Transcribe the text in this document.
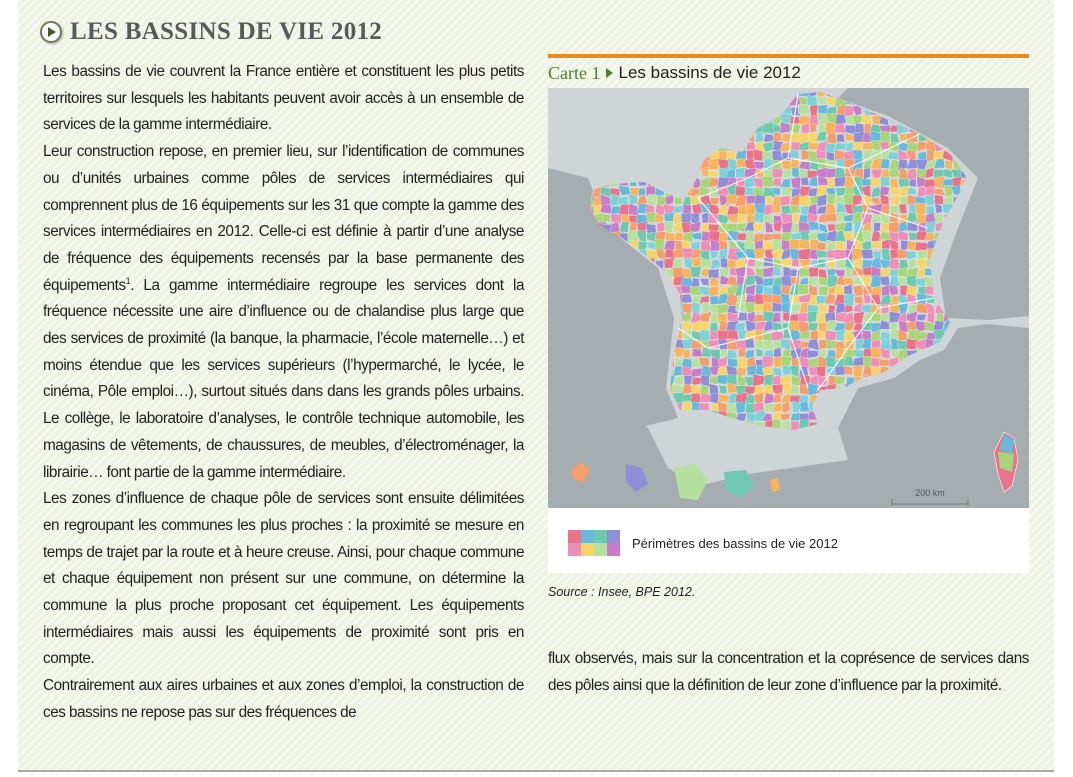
LES BASSINS DE VIE 2012

Les bassins de vie couvrent la France entière et constituent les plus petits territoires sur lesquels les habitants peuvent avoir accès à un ensemble de services de la gamme intermédiaire.

Leur construction repose, en premier lieu, sur l’identification de communes ou d’unités urbaines comme pôles de services intermédiaires qui comprennent plus de 16 équipements sur les 31 que compte la gamme des services intermédiaires en 2012. Celle-ci est définie à partir d’une analyse de fréquence des équipements recensés par la base permanente des équipements$^1$. La gamme intermédiaire regroupe les services dont la fréquence nécessite une aire d’influence ou de chalandise plus large que des services de proximité (la banque, la pharmacie, l’école maternelle…) et moins étendue que les services supérieurs (l’hypermarché, le lycée, le cinéma, Pôle emploi…), surtout situés dans dans les grands pôles urbains. Le collège, le laboratoire d’analyses, le contrôle technique automobile, les magasins de vêtements, de chaussures, de meubles, d’électroménager, la librairie… font partie de la gamme intermédiaire.

Les zones d’influence de chaque pôle de services sont ensuite délimitées en regroupant les communes les plus proches : la proximité se mesure en temps de trajet par la route et à heure creuse. Ainsi, pour chaque commune et chaque équipement non présent sur une commune, on détermine la commune la plus proche proposant cet équipement. Les équipements intermédiaires mais aussi les équipements de proximité sont pris en compte.

Contrairement aux aires urbaines et aux zones d’emploi, la construction de ces bassins ne repose pas sur des fréquences de

Carte 1 Les bassins de vie 2012
200 km
Périmètres des bassins de vie 2012
Source : Insee, BPE 2012.

flux observés, mais sur la concentration et la coprésence de services dans des pôles ainsi que la définition de leur zone d’influence par la proximité.
